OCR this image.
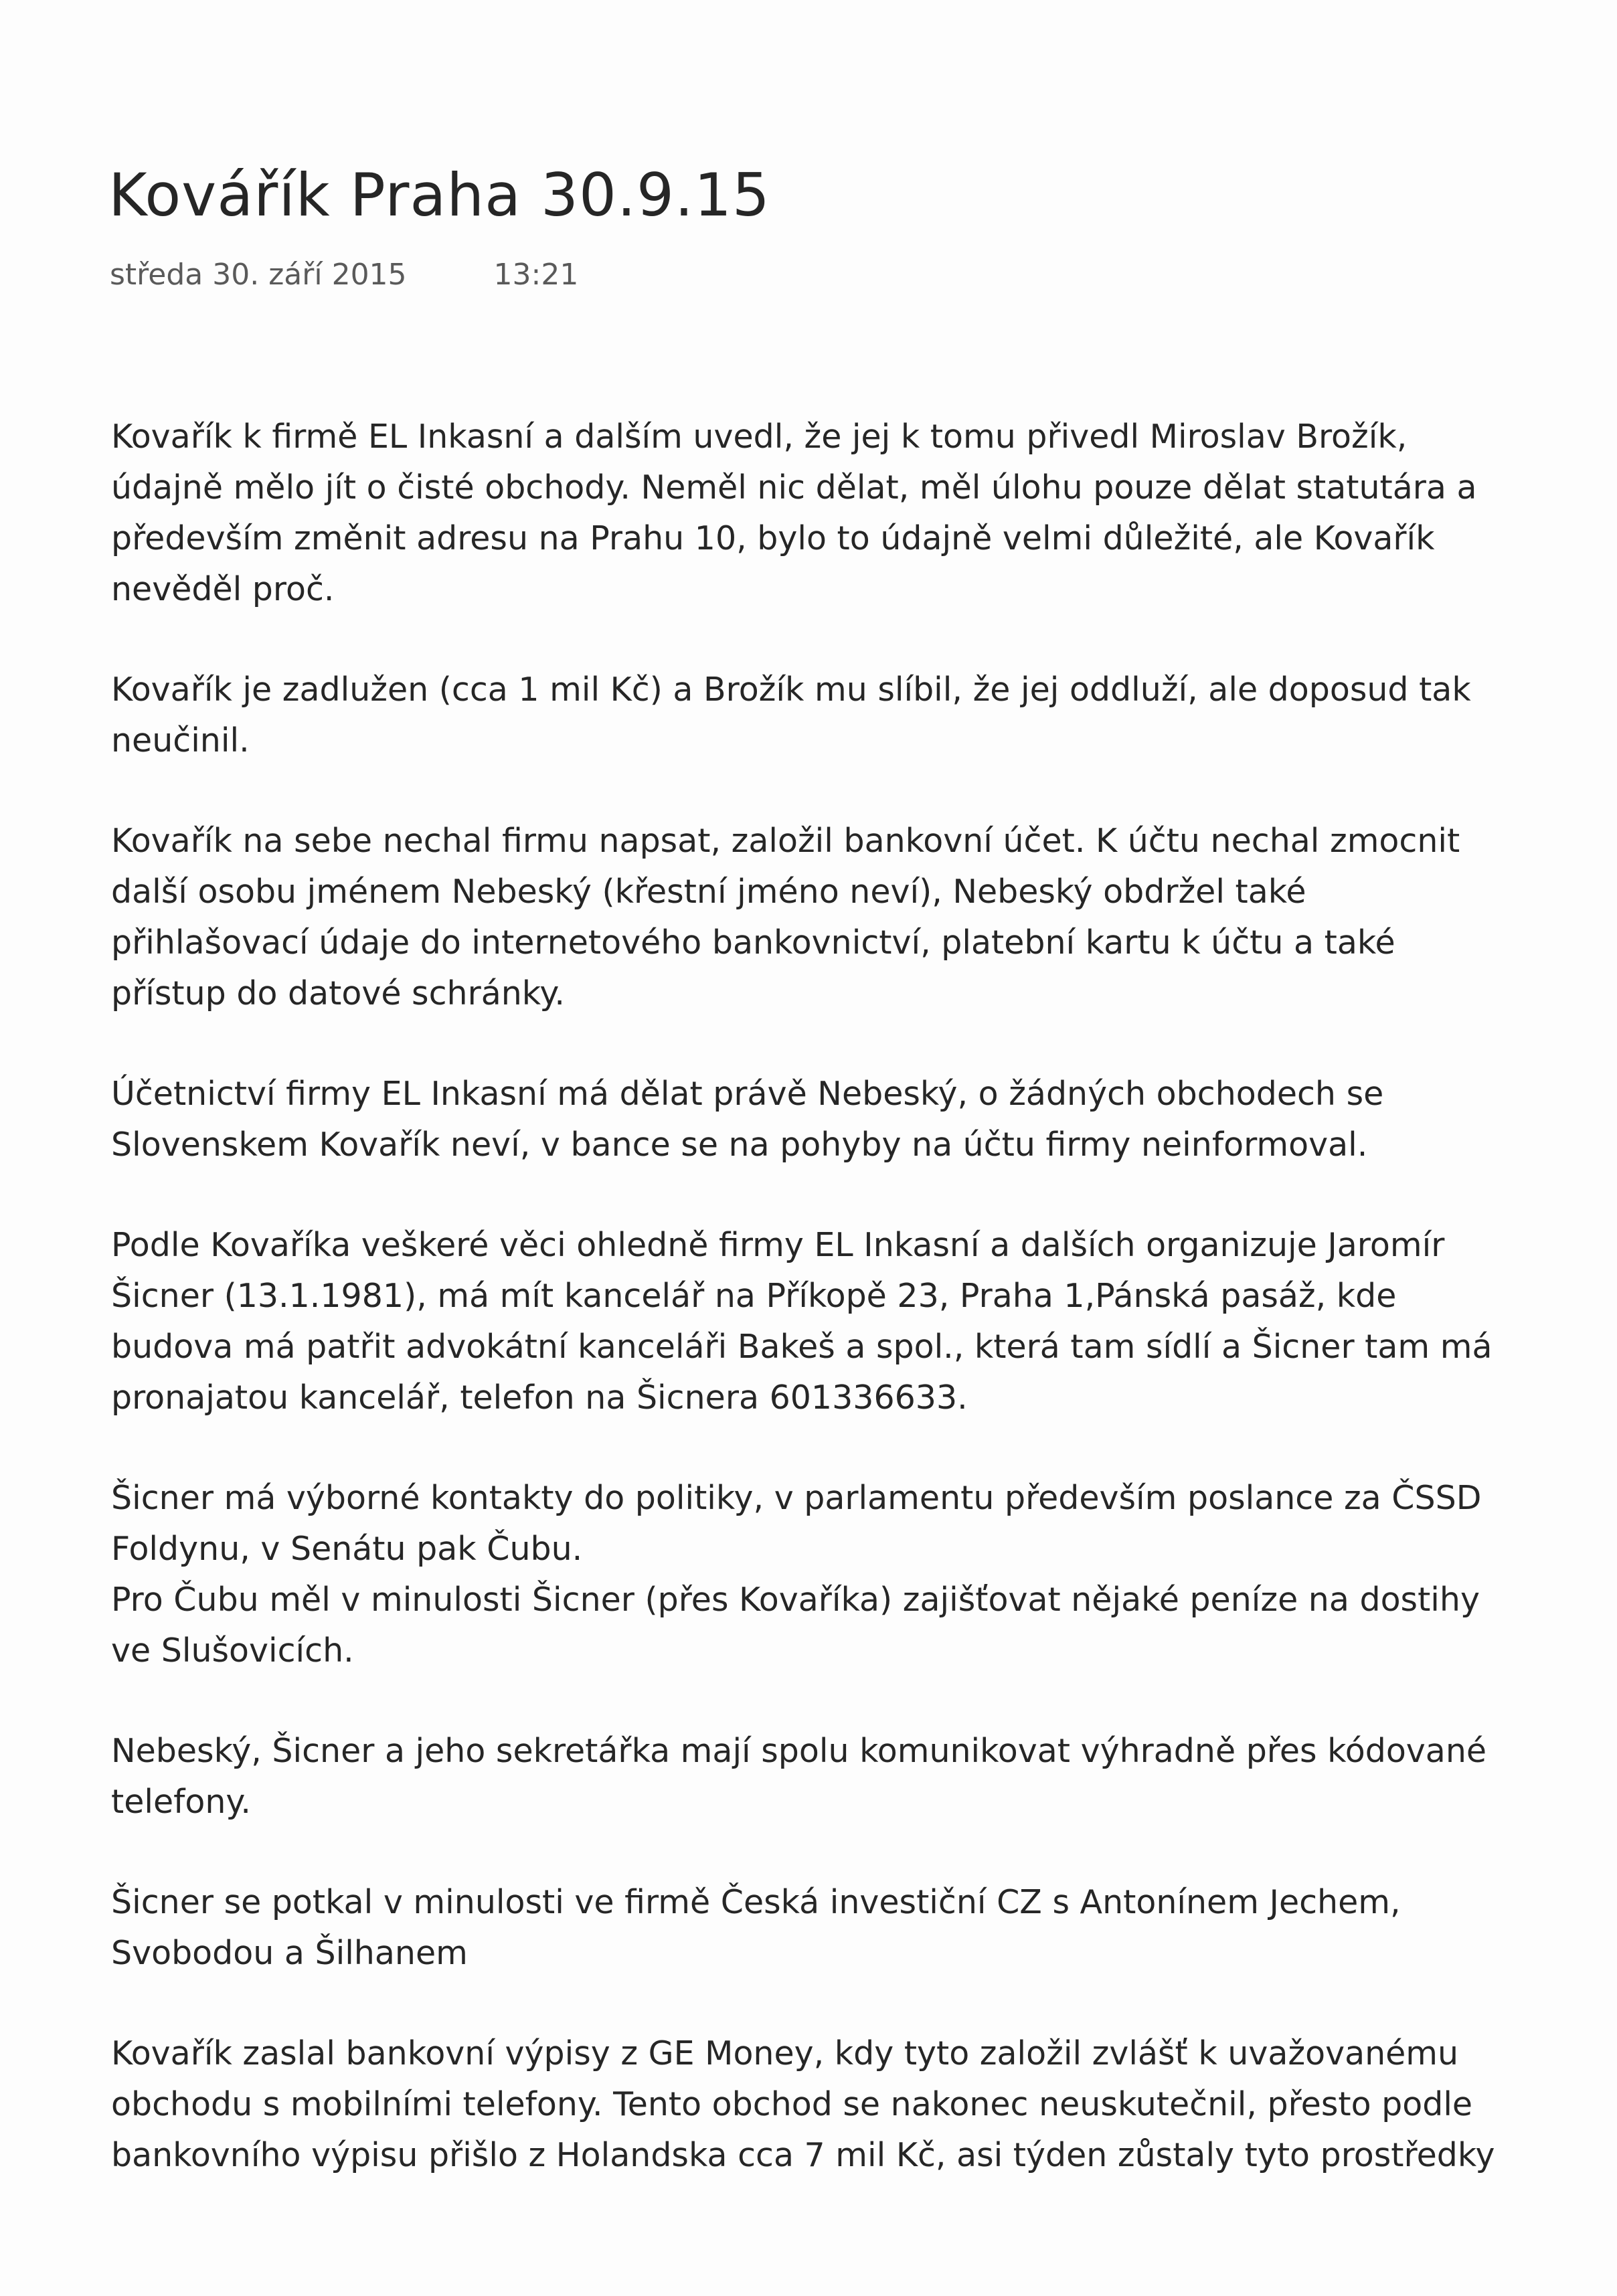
Kovářík Praha 30.9.15
středa 30. září 2015	13:21

Kovařík k firmě EL Inkasní a dalším uvedl, že jej k tomu přivedl Miroslav Brožík,
údajně mělo jít o čisté obchody. Neměl nic dělat, měl úlohu pouze dělat statutára a
především změnit adresu na Prahu 10, bylo to údajně velmi důležité, ale Kovařík
nevěděl proč.

Kovařík je zadlužen (cca 1 mil Kč) a Brožík mu slíbil, že jej oddluží, ale doposud tak
neučinil.

Kovařík na sebe nechal firmu napsat, založil bankovní účet. K účtu nechal zmocnit
další osobu jménem Nebeský (křestní jméno neví), Nebeský obdržel také
přihlašovací údaje do internetového bankovnictví, platební kartu k účtu a také
přístup do datové schránky.

Účetnictví firmy EL Inkasní má dělat právě Nebeský, o žádných obchodech se
Slovenskem Kovařík neví, v bance se na pohyby na účtu firmy neinformoval.

Podle Kovaříka veškeré věci ohledně firmy EL Inkasní a dalších organizuje Jaromír
Šicner (13.1.1981), má mít kancelář na Příkopě 23, Praha 1,Pánská pasáž, kde
budova má patřit advokátní kanceláři Bakeš a spol., která tam sídlí a Šicner tam má
pronajatou kancelář, telefon na Šicnera 601336633.

Šicner má výborné kontakty do politiky, v parlamentu především poslance za ČSSD
Foldynu, v Senátu pak Čubu.
Pro Čubu měl v minulosti Šicner (přes Kovaříka) zajišťovat nějaké peníze na dostihy
ve Slušovicích.

Nebeský, Šicner a jeho sekretářka mají spolu komunikovat výhradně přes kódované
telefony.

Šicner se potkal v minulosti ve firmě Česká investiční CZ s Antonínem Jechem,
Svobodou a Šilhanem

Kovařík zaslal bankovní výpisy z GE Money, kdy tyto založil zvlášť k uvažovanému
obchodu s mobilními telefony. Tento obchod se nakonec neuskutečnil, přesto podle
bankovního výpisu přišlo z Holandska cca 7 mil Kč, asi týden zůstaly tyto prostředky
